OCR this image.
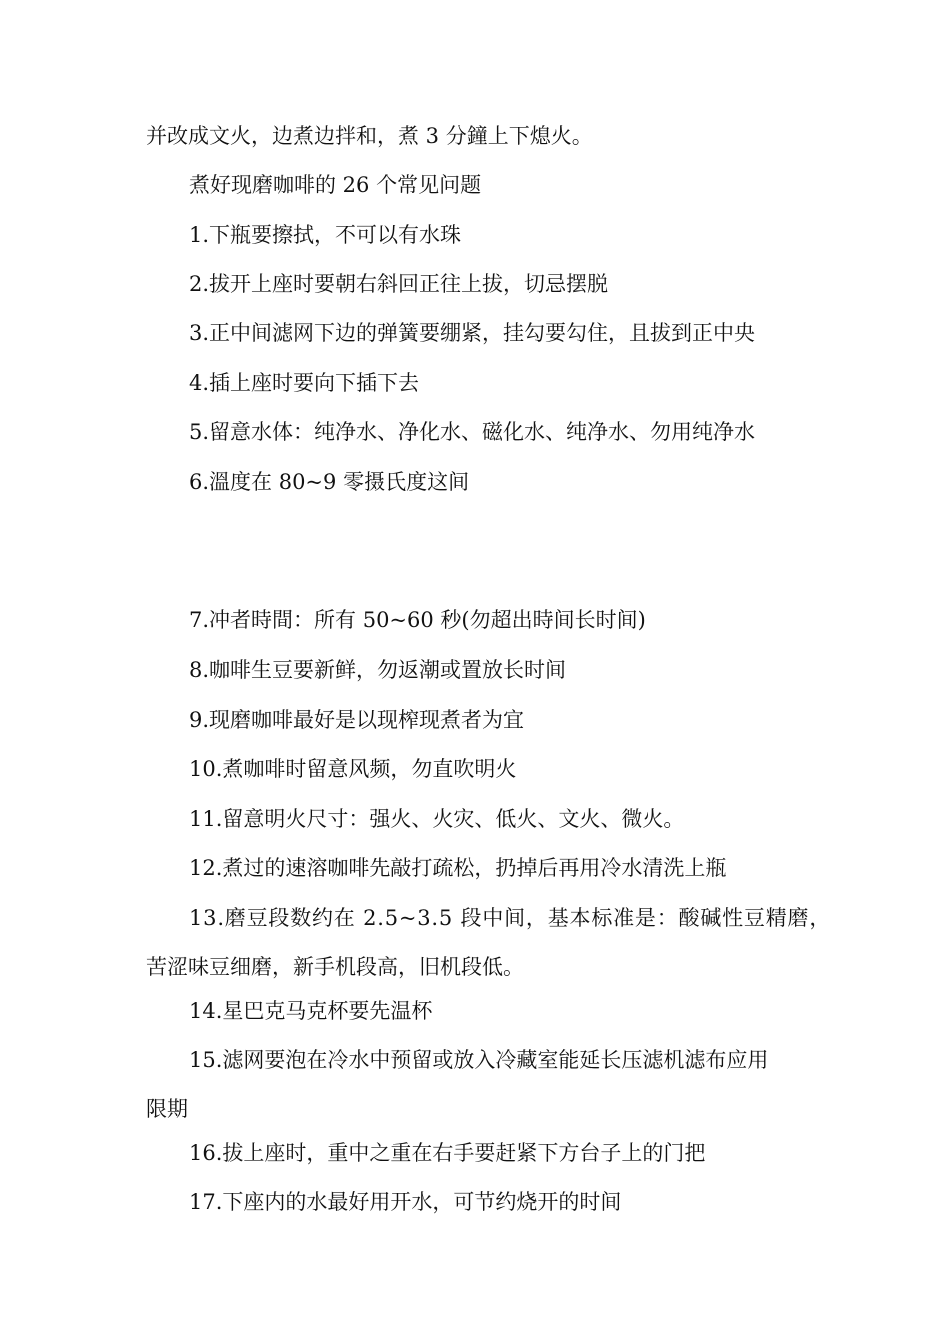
并改成文火，边煮边拌和，煮 3 分鐘上下熄火。
煮好现磨咖啡的 26 个常见问题
1.下瓶要擦拭，不可以有水珠
2.拔开上座时要朝右斜回正往上拔，切忌摆脱
3.正中间滤网下边的弹簧要绷紧，挂勾要勾住，且拔到正中央
4.插上座时要向下插下去
5.留意水体：纯净水、净化水、磁化水、纯净水、勿用纯净水
6.溫度在 80~9 零摄氏度这间
7.冲者時間：所有 50~60 秒(勿超出時间长时间)
8.咖啡生豆要新鲜，勿返潮或置放长时间
9.现磨咖啡最好是以现榨现煮者为宜
10.煮咖啡时留意风频，勿直吹明火
11.留意明火尺寸：强火、火灾、低火、文火、微火。
12.煮过的速溶咖啡先敲打疏松，扔掉后再用冷水清洗上瓶
13.磨豆段数约在 2.5~3.5 段中间，基本标准是：酸碱性豆精磨，
苦涩味豆细磨，新手机段高，旧机段低。
14.星巴克马克杯要先温杯
15.滤网要泡在冷水中预留或放入冷藏室能延长压滤机滤布应用
限期
16.拔上座时，重中之重在右手要赶紧下方台子上的门把
17.下座内的水最好用开水，可节约烧开的时间
